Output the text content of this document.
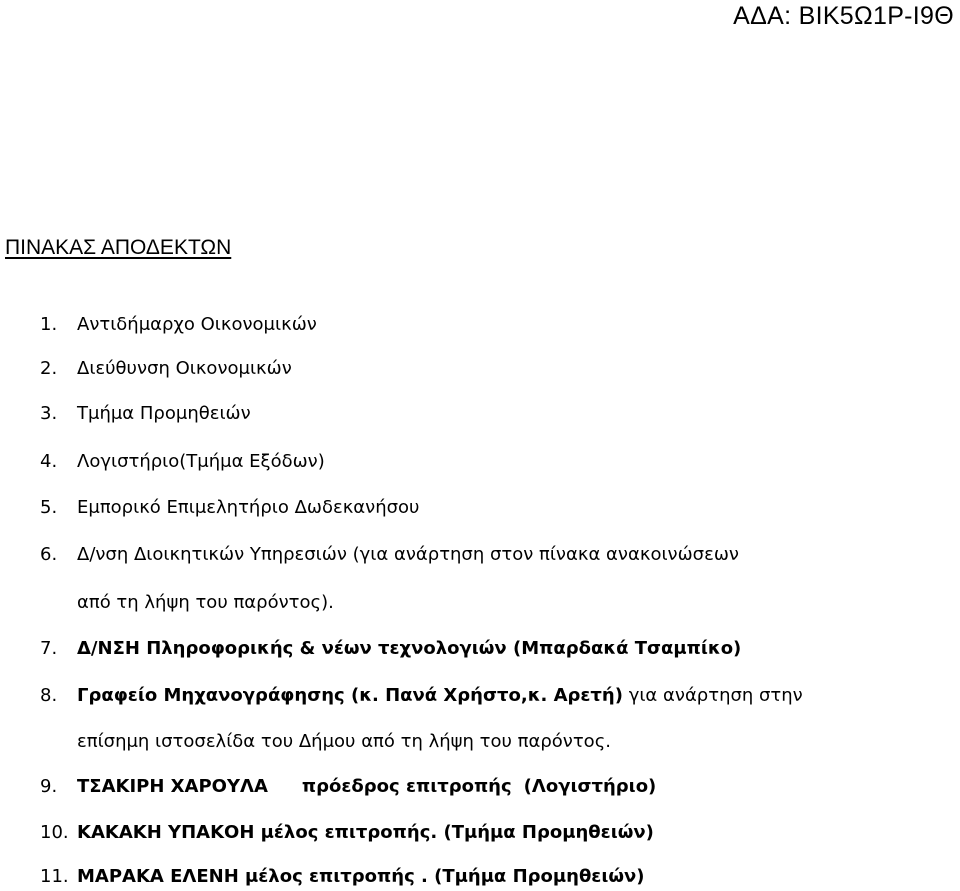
ΑΔΑ: ΒΙΚ5Ω1Ρ-Ι9Θ
ΠΙΝΑΚΑΣ ΑΠΟΔΕΚΤΩΝ
1. Αντιδήμαρχο Οικονομικών
2. Διεύθυνση Οικονομικών
3. Τμήμα Προμηθειών
4. Λογιστήριο(Τμήμα Εξόδων)
5. Εμπορικό Επιμελητήριο Δωδεκανήσου
6. Δ/νση Διοικητικών Υπηρεσιών (για ανάρτηση στον πίνακα ανακοινώσεων
από τη λήψη του παρόντος).
7. Δ/ΝΣΗ Πληροφορικής & νέων τεχνολογιών (Μπαρδακά Τσαμπίκο)
8. Γραφείο Μηχανογράφησης (κ. Πανά Χρήστο,κ. Αρετή) για ανάρτηση στην
επίσημη ιστοσελίδα του Δήμου από τη λήψη του παρόντος.
9. ΤΣΑΚΙΡΗ ΧΑΡΟΥΛΑ πρόεδρος επιτροπής (Λογιστήριο)
10. ΚΑΚΑΚΗ ΥΠΑΚΟΗ μέλος επιτροπής. (Τμήμα Προμηθειών)
11. ΜΑΡΑΚΑ ΕΛΕΝΗ μέλος επιτροπής . (Τμήμα Προμηθειών)
